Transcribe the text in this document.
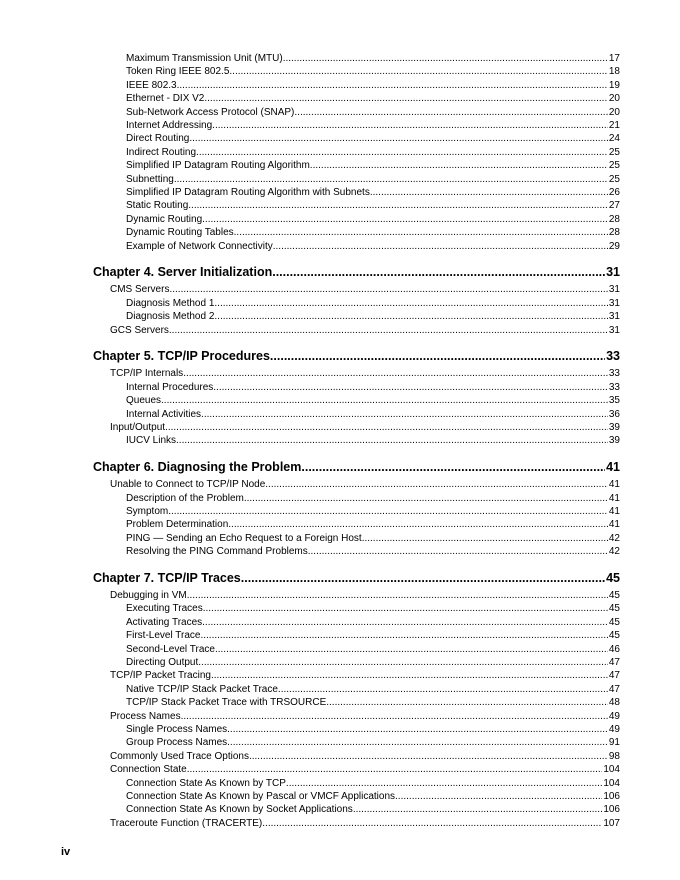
Maximum Transmission Unit (MTU) .....	17
Token Ring IEEE 802.5 .....	18
IEEE 802.3 .....	19
Ethernet - DIX V2 .....	20
Sub-Network Access Protocol (SNAP) .....	20
Internet Addressing .....	21
Direct Routing .....	24
Indirect Routing .....	25
Simplified IP Datagram Routing Algorithm .....	25
Subnetting .....	25
Simplified IP Datagram Routing Algorithm with Subnets .....	26
Static Routing .....	27
Dynamic Routing .....	28
Dynamic Routing Tables .....	28
Example of Network Connectivity .....	29
Chapter 4. Server Initialization .....	31
CMS Servers .....	31
Diagnosis Method 1 .....	31
Diagnosis Method 2 .....	31
GCS Servers .....	31
Chapter 5. TCP/IP Procedures .....	33
TCP/IP Internals .....	33
Internal Procedures .....	33
Queues .....	35
Internal Activities .....	36
Input/Output .....	39
IUCV Links .....	39
Chapter 6. Diagnosing the Problem .....	41
Unable to Connect to TCP/IP Node .....	41
Description of the Problem .....	41
Symptom .....	41
Problem Determination .....	41
PING — Sending an Echo Request to a Foreign Host .....	42
Resolving the PING Command Problems .....	42
Chapter 7. TCP/IP Traces .....	45
Debugging in VM .....	45
Executing Traces .....	45
Activating Traces .....	45
First-Level Trace .....	45
Second-Level Trace .....	46
Directing Output .....	47
TCP/IP Packet Tracing .....	47
Native TCP/IP Stack Packet Trace .....	47
TCP/IP Stack Packet Trace with TRSOURCE .....	48
Process Names .....	49
Single Process Names .....	49
Group Process Names .....	91
Commonly Used Trace Options .....	98
Connection State .....	104
Connection State As Known by TCP .....	104
Connection State As Known by Pascal or VMCF Applications .....	106
Connection State As Known by Socket Applications .....	106
Traceroute Function (TRACERTE) .....	107
iv
